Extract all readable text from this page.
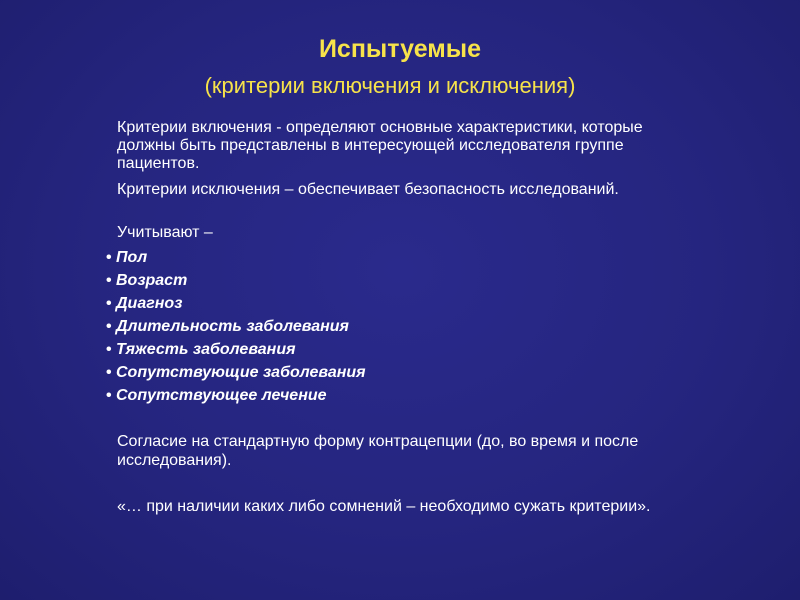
Испытуемые
(критерии включения и исключения)
Критерии включения - определяют основные характеристики, которые должны быть представлены в интересующей исследователя группе пациентов.
Критерии исключения – обеспечивает безопасность исследований.
Учитывают –
• Пол
• Возраст
• Диагноз
• Длительность заболевания
• Тяжесть заболевания
• Сопутствующие заболевания
• Сопутствующее лечение
Согласие на стандартную форму контрацепции (до, во время и после исследования).
«… при наличии каких либо сомнений – необходимо сужать критерии».
